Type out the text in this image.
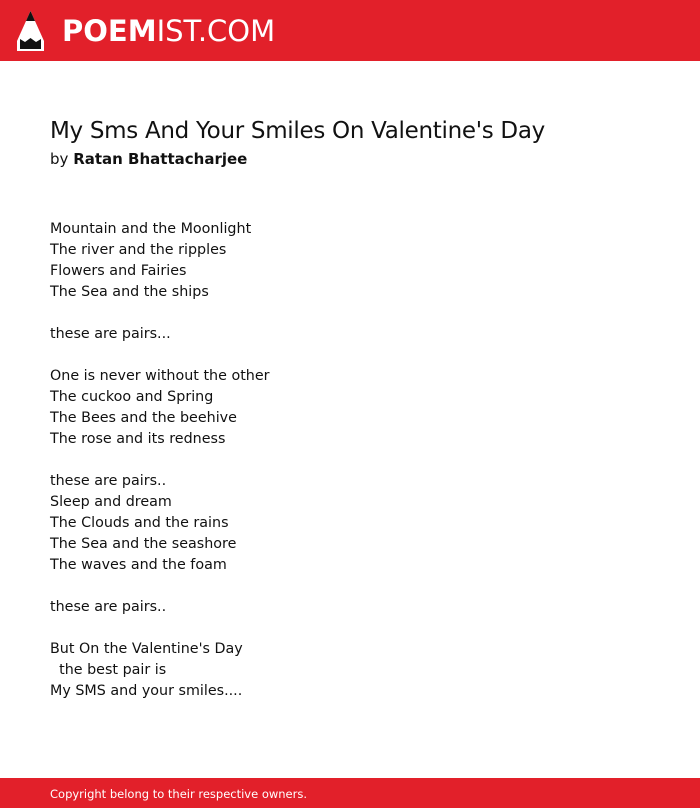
POEMIST.COM
My Sms And Your Smiles On Valentine's Day
by Ratan Bhattacharjee
Mountain and the Moonlight
The river and the ripples
Flowers and Fairies
The Sea and the ships
these are pairs...
One is never without the other
The cuckoo and Spring
The Bees and the beehive
The rose and its redness
these are pairs..
Sleep and dream
The Clouds and the rains
The Sea and the seashore
The waves and the foam
these are pairs..
But On the Valentine's Day
the best pair is
My SMS and your smiles....
Copyright belong to their respective owners.
